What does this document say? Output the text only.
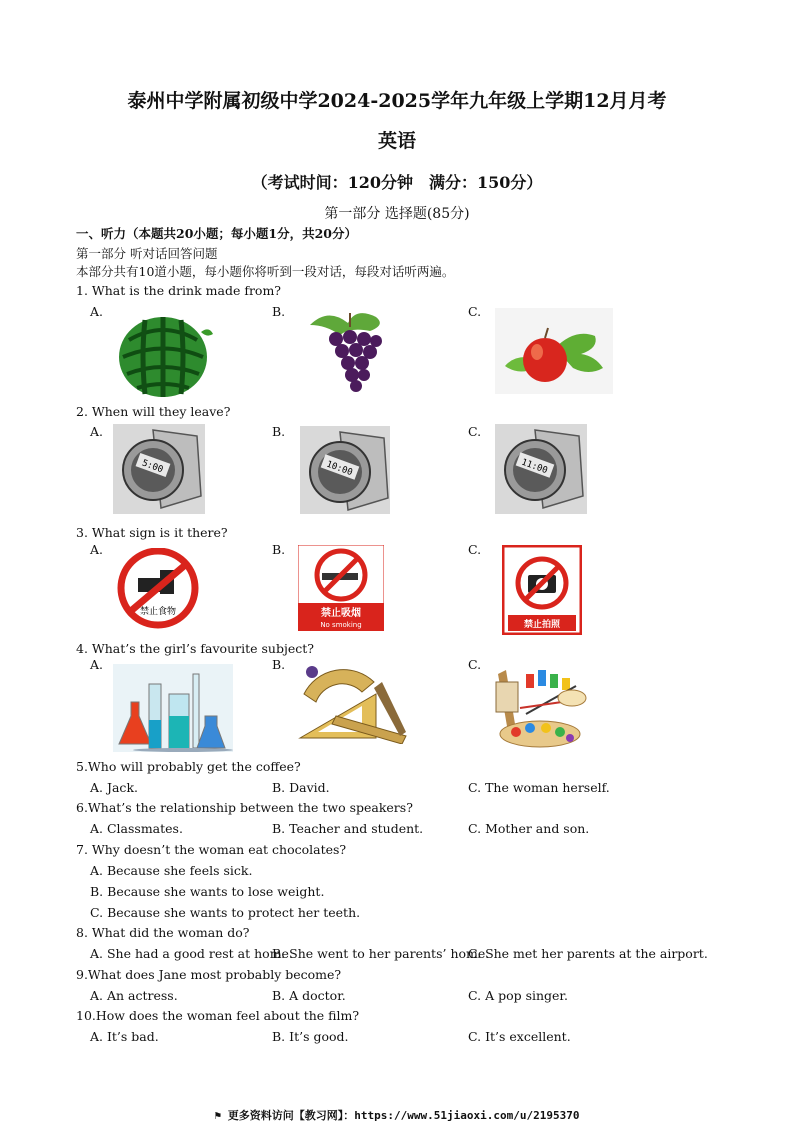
泰州中学附属初级中学2024-2025学年九年级上学期12月月考
英语
（考试时间：120分钟　满分：150分）
第一部分 选择题(85分)
一、听力（本题共20小题；每小题1分，共20分）
第一部分 听对话回答问题
本部分共有10道小题，每小题你将听到一段对话，每段对话听两遍。
1. What is the drink made from?
A.	B.	C.
2. When will they leave?
A.	B.	C.
5:00	10:00	11:00
3. What sign is it there?
A.	B.	C.
禁止食物	禁止吸烟
No smoking	禁止拍照
4. What’s the girl’s favourite subject?
A.	B.	C.
5.Who will probably get the coffee?
A. Jack.	B. David.	C. The woman herself.
6.What’s the relationship between the two speakers?
A. Classmates.	B. Teacher and student.	C. Mother and son.
7. Why doesn’t the woman eat chocolates?
A. Because she feels sick.
B. Because she wants to lose weight.
C. Because she wants to protect her teeth.
8. What did the woman do?
A. She had a good rest at home.
B. She went to her parents’ home.
C. She met her parents at the airport.
9.What does Jane most probably become?
A. An actress.	B. A doctor.	C. A pop singer.
10.How does the woman feel about the film?
A. It’s bad.	B. It’s good.	C. It’s excellent.
⚑ 更多资料访问【教习网】：https://www.51jiaoxi.com/u/2195370
